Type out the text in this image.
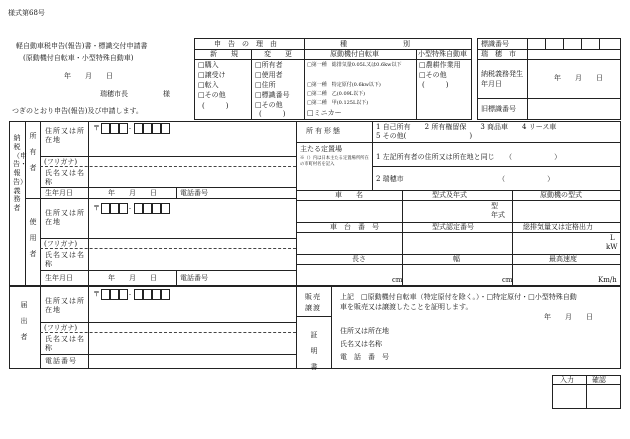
様式第68号
軽自動車税申告(報告)書・標識交付申請書
(原動機付自転車・小型特殊自動車)
年　　月　　日
瑞穂市長　　　　　様
つぎのとおり申告(報告)及び申請します。
申　告　の　理　由
新　　規	変　　更
□購入
□譲受け
□転入
□その他
(　　　)
□所有者
□使用者
□住所
□標識番号
□その他
(　　　)
種　　　　　　　　別
原動機付自転車	小型特殊自動車
□第一種　総排気量0.05L又は0.6kw以下
□第一種　特定原付(0.6kw以下)
□第二種　乙(0.09L以下)
□第二種　甲(0.125L以下)
□ミニカー
□農耕作業用
□その他
(　　　)
標識番号
瑞　穂　市
納税義務発生年月日
年　　月　　日
旧標識番号
納税（申告・報告）義務者
所有者
使用者
住所又は所在地
〒	-
(フリガナ)
氏名又は名称
生年月日	年　　月　　日	電話番号
住所又は所在地
〒	-
(フリガナ)
氏名又は名称
生年月日	年　　月　　日	電話番号
所有形態	1 自己所有　　2 所有権留保　　3 商品車　　4 リース車
5 その他(　　　　　　　　　)
主たる定置場
※（）内は日本主たる定置場所所在の市町村名を記入
1 左記所有者の住所又は所在地と同じ　　（　　　　　　）
2 瑞穂市　　　　　　　　　　　　　　（　　　　　　）
車　　名	型式及年式	原動機の型式
型
年式
車　台　番　号	型式認定番号	総排気量又は定格出力
L
kW
長さ	幅	最高速度
cm	cm	Km/h
届出者
住所又は所在地
〒	-
(フリガナ)
氏名又は名称
電話番号
販売譲渡
証明書
上記　□原動機付自転車（特定原付を除く。）・□特定原付・□小型特殊自動
車を販売又は譲渡したことを証明します。
年　　月　　日
住所又は所在地
氏名又は名称
電　話　番　号
入力	確認
